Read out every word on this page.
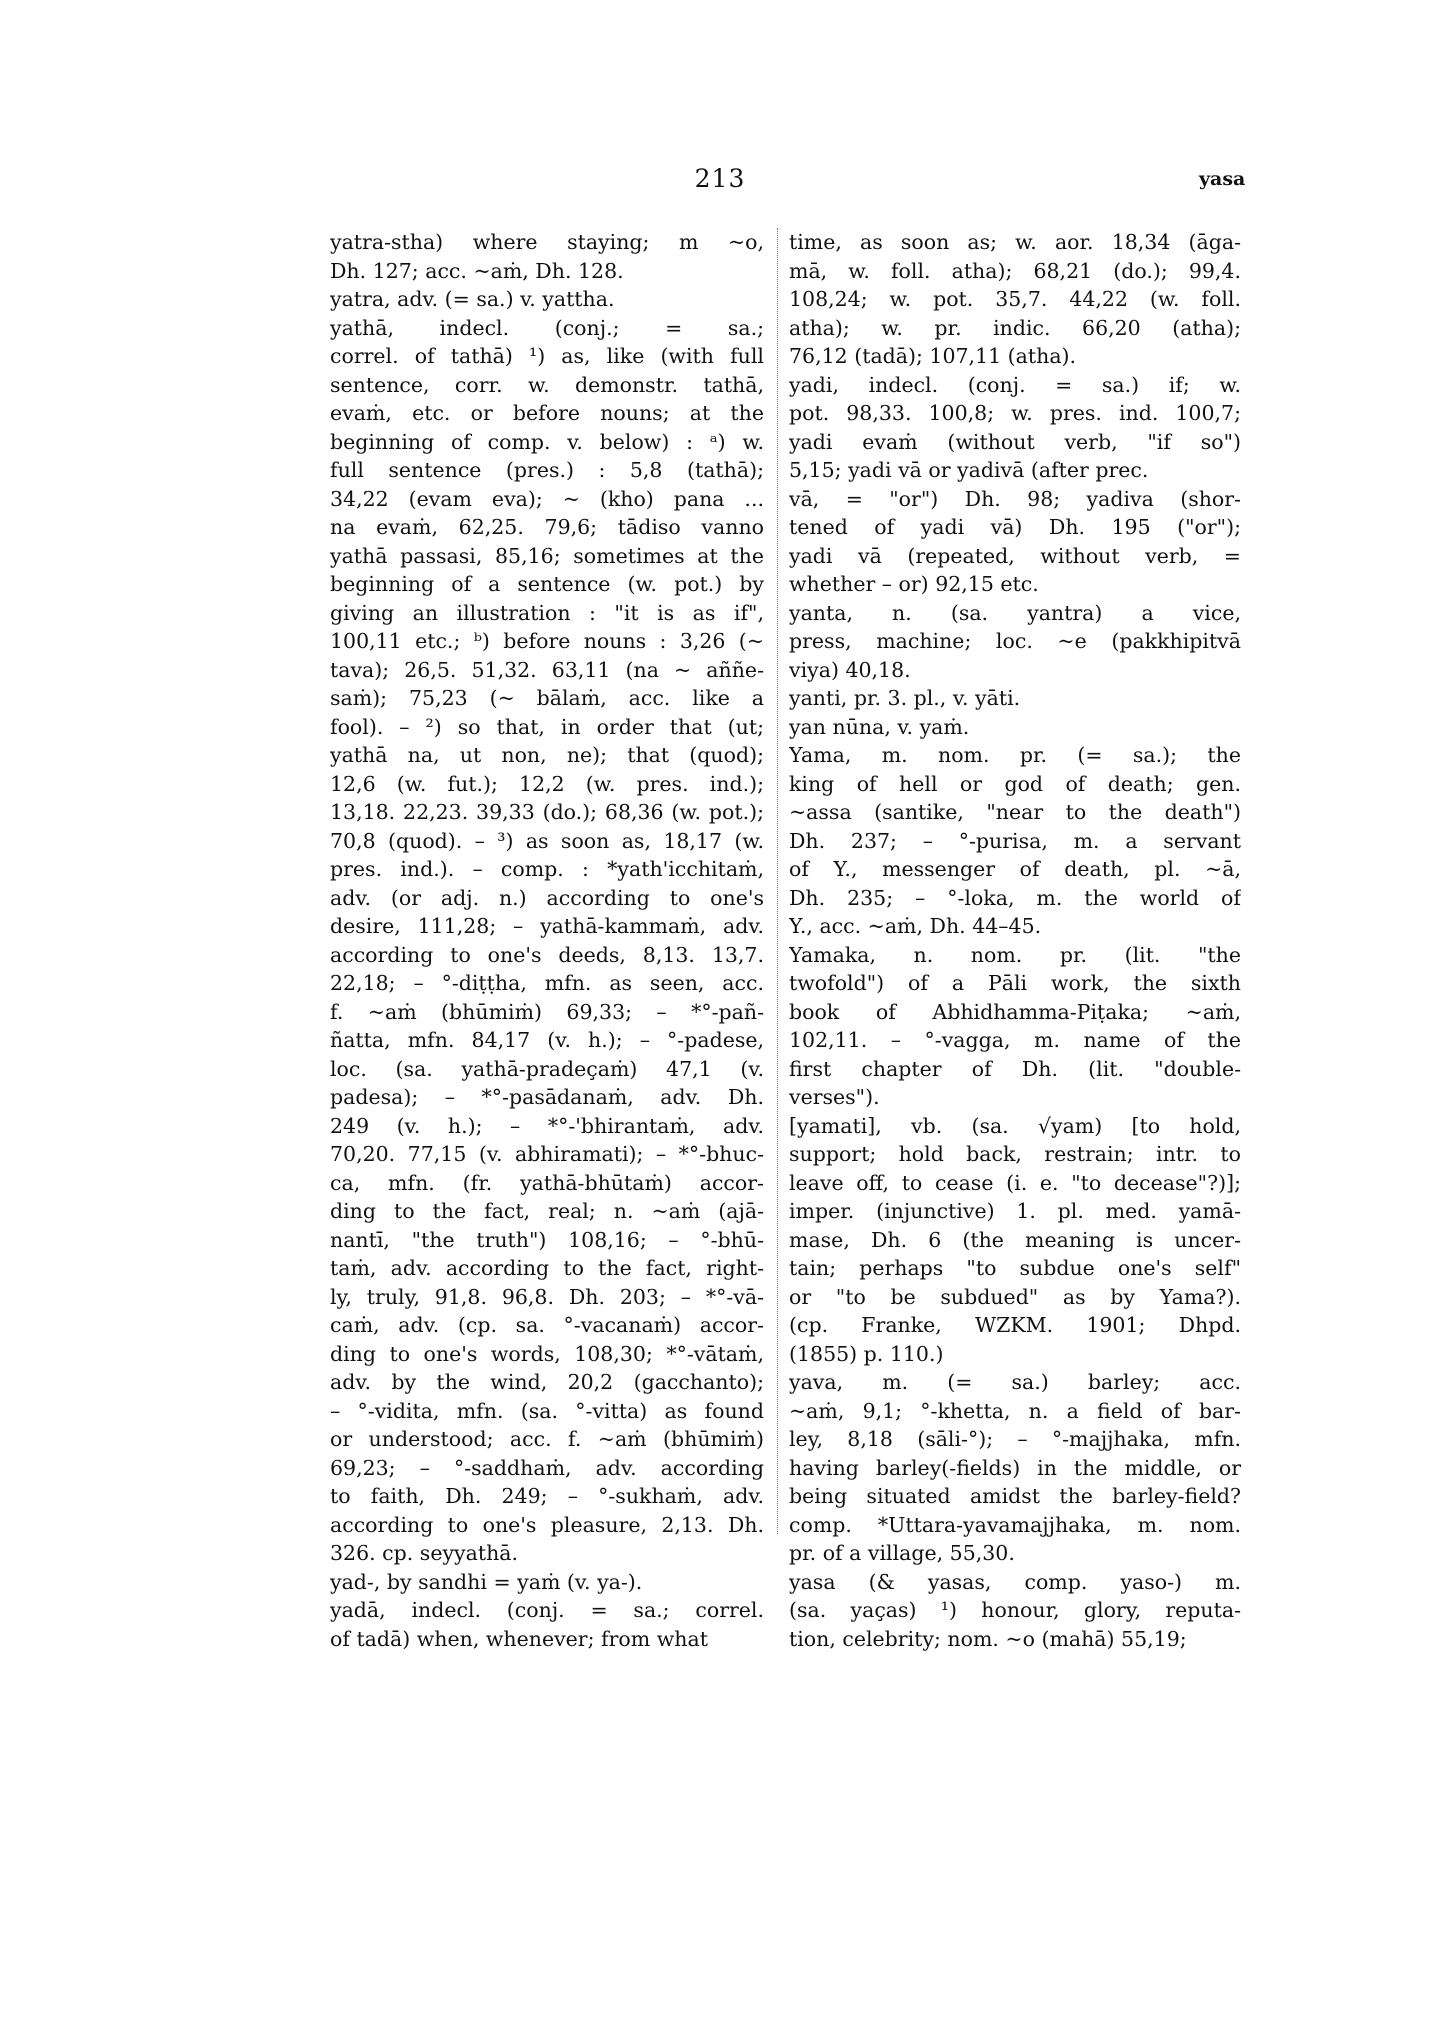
213	yasa
yatra-stha) where staying; m ~o,
Dh. 127; acc. ~aṁ, Dh. 128.
yatra, adv. (= sa.) v. yattha.
yathā, indecl. (conj.; = sa.;
correl. of tathā) ¹) as, like (with full
sentence, corr. w. demonstr. tathā,
evaṁ, etc. or before nouns; at the
beginning of comp. v. below) : ᵃ) w.
full sentence (pres.) : 5,8 (tathā);
34,22 (evam eva); ~ (kho) pana ...
na evaṁ, 62,25. 79,6; tādiso vanno
yathā passasi, 85,16; sometimes at the
beginning of a sentence (w. pot.) by
giving an illustration : "it is as if",
100,11 etc.; ᵇ) before nouns : 3,26 (~
tava); 26,5. 51,32. 63,11 (na ~ aññe-
saṁ); 75,23 (~ bālaṁ, acc. like a
fool). – ²) so that, in order that (ut;
yathā na, ut non, ne); that (quod);
12,6 (w. fut.); 12,2 (w. pres. ind.);
13,18. 22,23. 39,33 (do.); 68,36 (w. pot.);
70,8 (quod). – ³) as soon as, 18,17 (w.
pres. ind.). – comp. : *yath'icchitaṁ,
adv. (or adj. n.) according to one's
desire, 111,28; – yathā-kammaṁ, adv.
according to one's deeds, 8,13. 13,7.
22,18; – °-diṭṭha, mfn. as seen, acc.
f. ~aṁ (bhūmiṁ) 69,33; – *°-pañ-
ñatta, mfn. 84,17 (v. h.); – °-padese,
loc. (sa. yathā-pradeçaṁ) 47,1 (v.
padesa); – *°-pasādanaṁ, adv. Dh.
249 (v. h.); – *°-'bhirantaṁ, adv.
70,20. 77,15 (v. abhiramati); – *°-bhuc-
ca, mfn. (fr. yathā-bhūtaṁ) accor-
ding to the fact, real; n. ~aṁ (ajā-
nantī, "the truth") 108,16; – °-bhū-
taṁ, adv. according to the fact, right-
ly, truly, 91,8. 96,8. Dh. 203; – *°-vā-
caṁ, adv. (cp. sa. °-vacanaṁ) accor-
ding to one's words, 108,30; *°-vātaṁ,
adv. by the wind, 20,2 (gacchanto);
– °-vidita, mfn. (sa. °-vitta) as found
or understood; acc. f. ~aṁ (bhūmiṁ)
69,23; – °-saddhaṁ, adv. according
to faith, Dh. 249; – °-sukhaṁ, adv.
according to one's pleasure, 2,13. Dh.
326. cp. seyyathā.
yad-, by sandhi = yaṁ (v. ya-).
yadā, indecl. (conj. = sa.; correl.
of tadā) when, whenever; from what
time, as soon as; w. aor. 18,34 (āga-
mā, w. foll. atha); 68,21 (do.); 99,4.
108,24; w. pot. 35,7. 44,22 (w. foll.
atha); w. pr. indic. 66,20 (atha);
76,12 (tadā); 107,11 (atha).
yadi, indecl. (conj. = sa.) if; w.
pot. 98,33. 100,8; w. pres. ind. 100,7;
yadi evaṁ (without verb, "if so")
5,15; yadi vā or yadivā (after prec.
vā, = "or") Dh. 98; yadiva (shor-
tened of yadi vā) Dh. 195 ("or");
yadi vā (repeated, without verb, =
whether – or) 92,15 etc.
yanta, n. (sa. yantra) a vice,
press, machine; loc. ~e (pakkhipitvā
viya) 40,18.
yanti, pr. 3. pl., v. yāti.
yan nūna, v. yaṁ.
Yama, m. nom. pr. (= sa.); the
king of hell or god of death; gen.
~assa (santike, "near to the death")
Dh. 237; – °-purisa, m. a servant
of Y., messenger of death, pl. ~ā,
Dh. 235; – °-loka, m. the world of
Y., acc. ~aṁ, Dh. 44–45.
Yamaka, n. nom. pr. (lit. "the
twofold") of a Pāli work, the sixth
book of Abhidhamma-Piṭaka; ~aṁ,
102,11. – °-vagga, m. name of the
first chapter of Dh. (lit. "double-
verses").
[yamati], vb. (sa. √yam) [to hold,
support; hold back, restrain; intr. to
leave off, to cease (i. e. "to decease"?)];
imper. (injunctive) 1. pl. med. yamā-
mase, Dh. 6 (the meaning is uncer-
tain; perhaps "to subdue one's self"
or "to be subdued" as by Yama?).
(cp. Franke, WZKM. 1901; Dhpd.
(1855) p. 110.)
yava, m. (= sa.) barley; acc.
~aṁ, 9,1; °-khetta, n. a field of bar-
ley, 8,18 (sāli-°); – °-majjhaka, mfn.
having barley(-fields) in the middle, or
being situated amidst the barley-field?
comp. *Uttara-yavamajjhaka, m. nom.
pr. of a village, 55,30.
yasa (& yasas, comp. yaso-) m.
(sa. yaças) ¹) honour, glory, reputa-
tion, celebrity; nom. ~o (mahā) 55,19;
